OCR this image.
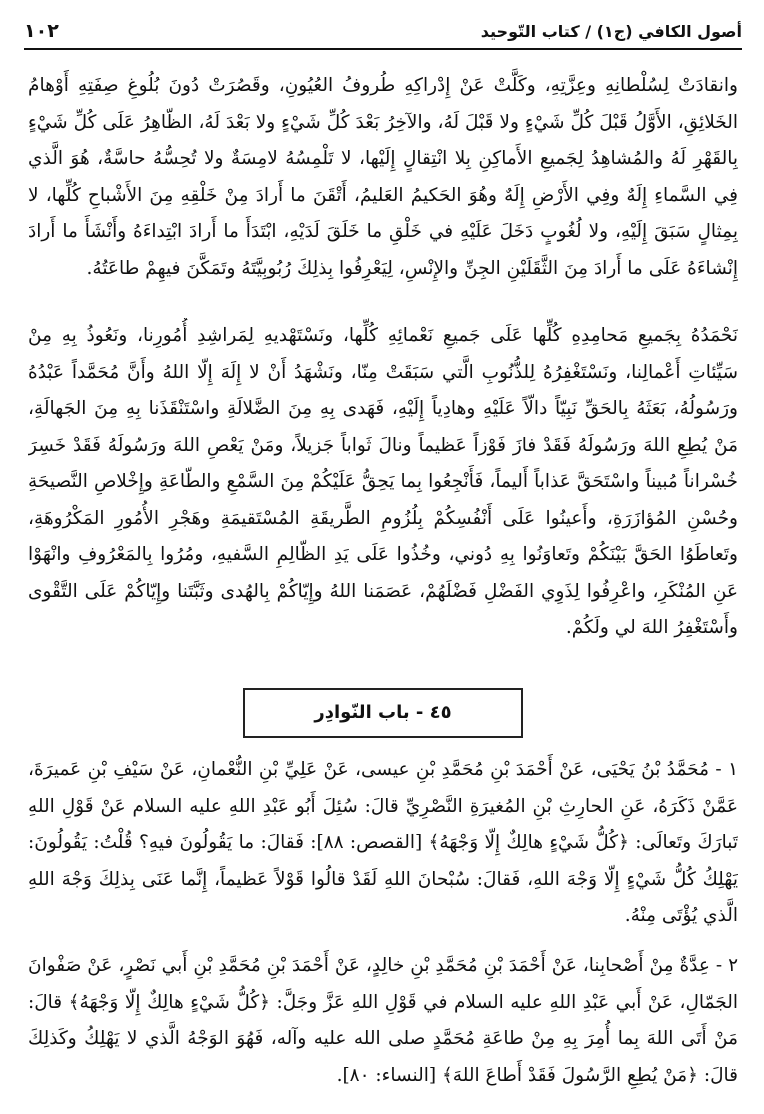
أصول الكافي (ج١) / كتاب التّوحيد
١٠٢

وانقادَتْ لِسُلْطانِهِ وعِزَّتِهِ، وكَلَّتْ عَنْ إِدْراكِهِ طُروفُ العُيُونِ، وقَصُرَتْ دُونَ بُلُوغِ صِفَتِهِ أَوْهامُ الخَلائِقِ، الأَوَّلُ قَبْلَ كُلِّ شَيْءٍ ولا قَبْلَ لَهُ، والآخِرُ بَعْدَ كُلِّ شَيْءٍ ولا بَعْدَ لَهُ، الظّاهِرُ عَلَى كُلِّ شَيْءٍ بِالقَهْرِ لَهُ والمُشاهِدُ لِجَميعِ الأَماكِنِ بِلا انْتِقالٍ إِلَيْها، لا تَلْمِسُهُ لامِسَةٌ ولا تُحِسُّهُ حاسَّةٌ، هُوَ الَّذي فِي السَّماءِ إِلَهٌ وفِي الأَرْضِ إِلَهٌ وهُوَ الحَكيمُ العَليمُ، أَتْقَنَ ما أَرادَ مِنْ خَلْقِهِ مِنَ الأَشْباحِ كُلِّها، لا بِمِثالٍ سَبَقَ إِلَيْهِ، ولا لُغُوبٍ دَخَلَ عَلَيْهِ في خَلْقِ ما خَلَقَ لَدَيْهِ، ابْتَدَأَ ما أَرادَ ابْتِداءَهُ وأَنْشَأَ ما أَرادَ إِنْشاءَهُ عَلَى ما أَرادَ مِنَ الثَّقَلَيْنِ الجِنِّ والإِنْسِ، لِيَعْرِفُوا بِذلِكَ رُبُوبِيَّتَهُ وتَمَكَّنَ فيهِمْ طاعَتُهُ.

نَحْمَدُهُ بِجَميعِ مَحامِدِهِ كُلِّها عَلَى جَميعِ نَعْمائِهِ كُلِّها، ونَسْتَهْديهِ لِمَراشِدِ أُمُورِنا، ونَعُوذُ بِهِ مِنْ سَيِّئاتِ أَعْمالِنا، ونَسْتَغْفِرُهُ لِلذُّنُوبِ الَّتي سَبَقَتْ مِنّا، ونَشْهَدُ أَنْ لا إِلَهَ إِلّا اللهُ وأَنَّ مُحَمَّداً عَبْدُهُ ورَسُولُهُ، بَعَثَهُ بِالحَقِّ نَبِيّاً دالّاً عَلَيْهِ وهادِياً إِلَيْهِ، فَهَدى بِهِ مِنَ الضَّلالَةِ واسْتَنْقَذَنا بِهِ مِنَ الجَهالَةِ، مَنْ يُطِعِ اللهَ ورَسُولَهُ فَقَدْ فازَ فَوْزاً عَظيماً ونالَ ثَواباً جَزيلاً، ومَنْ يَعْصِ اللهَ ورَسُولَهُ فَقَدْ خَسِرَ خُسْراناً مُبيناً واسْتَحَقَّ عَذاباً أَليماً، فَأَنْجِعُوا بِما يَحِقُّ عَلَيْكُمْ مِنَ السَّمْعِ والطّاعَةِ وإِخْلاصِ النَّصيحَةِ وحُسْنِ المُؤازَرَةِ، وأَعينُوا عَلَى أَنْفُسِكُمْ بِلُزُومِ الطَّريقَةِ المُسْتَقيمَةِ وهَجْرِ الأُمُورِ المَكْرُوهَةِ، وتَعاطَوُا الحَقَّ بَيْنَكُمْ وتَعاوَنُوا بِهِ دُوني، وخُذُوا عَلَى يَدِ الظّالِمِ السَّفيهِ، ومُرُوا بِالمَعْرُوفِ وانْهَوْا عَنِ المُنْكَرِ، واعْرِفُوا لِذَوِي الفَضْلِ فَضْلَهُمْ، عَصَمَنا اللهُ وإِيّاكُمْ بِالهُدى وثَبَّتَنا وإِيّاكُمْ عَلَى التَّقْوى وأَسْتَغْفِرُ اللهَ لي ولَكُمْ.

٤٥ - باب النّوادِر

١ - مُحَمَّدُ بْنُ يَحْيَى، عَنْ أَحْمَدَ بْنِ مُحَمَّدِ بْنِ عيسى، عَنْ عَلِيِّ بْنِ النُّعْمانِ، عَنْ سَيْفِ بْنِ عَميرَةَ، عَمَّنْ ذَكَرَهُ، عَنِ الحارِثِ بْنِ المُغيرَةِ النَّصْرِيِّ قالَ: سُئِلَ أَبُو عَبْدِ اللهِ عليه السلام عَنْ قَوْلِ اللهِ تَبارَكَ وتَعالَى: ﴿كُلُّ شَيْءٍ هالِكٌ إِلّا وَجْهَهُ﴾ [القصص: ٨٨]: فَقالَ: ما يَقُولُونَ فيهِ؟ قُلْتُ: يَقُولُونَ: يَهْلِكُ كُلُّ شَيْءٍ إِلّا وَجْهَ اللهِ، فَقالَ: سُبْحانَ اللهِ لَقَدْ قالُوا قَوْلاً عَظيماً، إِنَّما عَنَى بِذلِكَ وَجْهَ اللهِ الَّذي يُؤْتَى مِنْهُ.

٢ - عِدَّةٌ مِنْ أَصْحابِنا، عَنْ أَحْمَدَ بْنِ مُحَمَّدِ بْنِ خالِدٍ، عَنْ أَحْمَدَ بْنِ مُحَمَّدِ بْنِ أَبي نَصْرٍ، عَنْ صَفْوانَ الجَمّالِ، عَنْ أَبي عَبْدِ اللهِ عليه السلام في قَوْلِ اللهِ عَزَّ وجَلَّ: ﴿كُلُّ شَيْءٍ هالِكٌ إِلّا وَجْهَهُ﴾ قالَ: مَنْ أَتَى اللهَ بِما أُمِرَ بِهِ مِنْ طاعَةِ مُحَمَّدٍ صلى الله عليه وآله، فَهُوَ الوَجْهُ الَّذي لا يَهْلِكُ وكَذلِكَ قالَ: ﴿مَنْ يُطِعِ الرَّسُولَ فَقَدْ أَطاعَ اللهَ﴾ [النساء: ٨٠].
